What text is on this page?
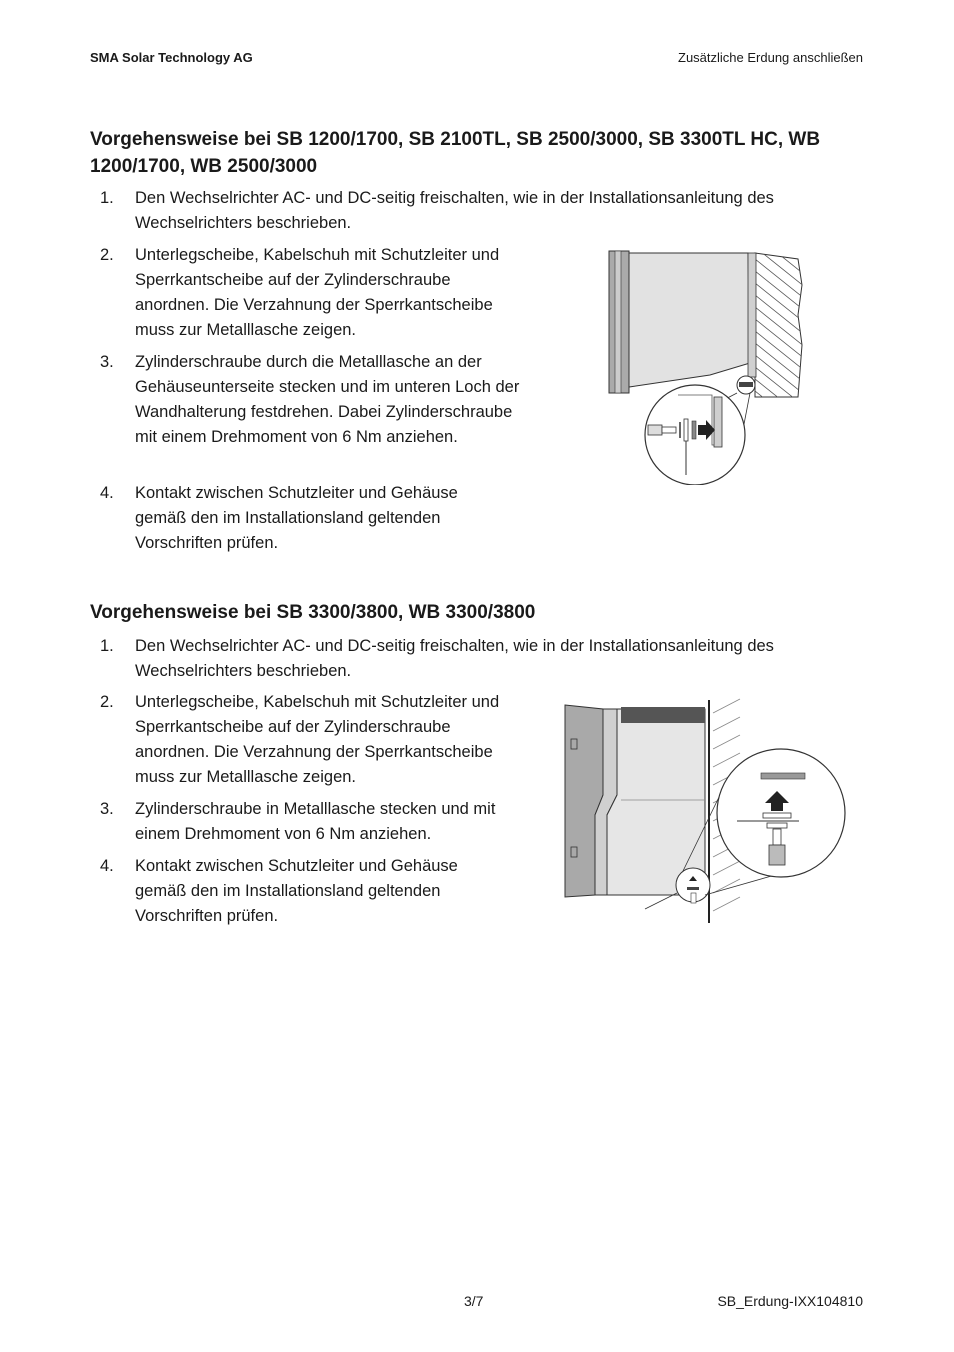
SMA Solar Technology AG	Zusätzliche Erdung anschließen
Vorgehensweise bei SB 1200/1700, SB 2100TL, SB 2500/3000, SB 3300TL HC, WB 1200/1700, WB 2500/3000
1.	Den Wechselrichter AC- und DC-seitig freischalten, wie in der Installationsanleitung des Wechselrichters beschrieben.
2.	Unterlegscheibe, Kabelschuh mit Schutzleiter und Sperrkantscheibe auf der Zylinderschraube anordnen. Die Verzahnung der Sperrkantscheibe muss zur Metalllasche zeigen.
3.	Zylinderschraube durch die Metalllasche an der Gehäuseunterseite stecken und im unteren Loch der Wandhalterung festdrehen. Dabei Zylinderschraube mit einem Drehmoment von 6 Nm anziehen.
4.	Kontakt zwischen Schutzleiter und Gehäuse gemäß den im Installationsland geltenden Vorschriften prüfen.
Vorgehensweise bei SB 3300/3800, WB 3300/3800
1.	Den Wechselrichter AC- und DC-seitig freischalten, wie in der Installationsanleitung des Wechselrichters beschrieben.
2.	Unterlegscheibe, Kabelschuh mit Schutzleiter und Sperrkantscheibe auf der Zylinderschraube anordnen. Die Verzahnung der Sperrkantscheibe muss zur Metalllasche zeigen.
3.	Zylinderschraube in Metalllasche stecken und mit einem Drehmoment von 6 Nm anziehen.
4.	Kontakt zwischen Schutzleiter und Gehäuse gemäß den im Installationsland geltenden Vorschriften prüfen.
3/7	SB_Erdung-IXX104810
